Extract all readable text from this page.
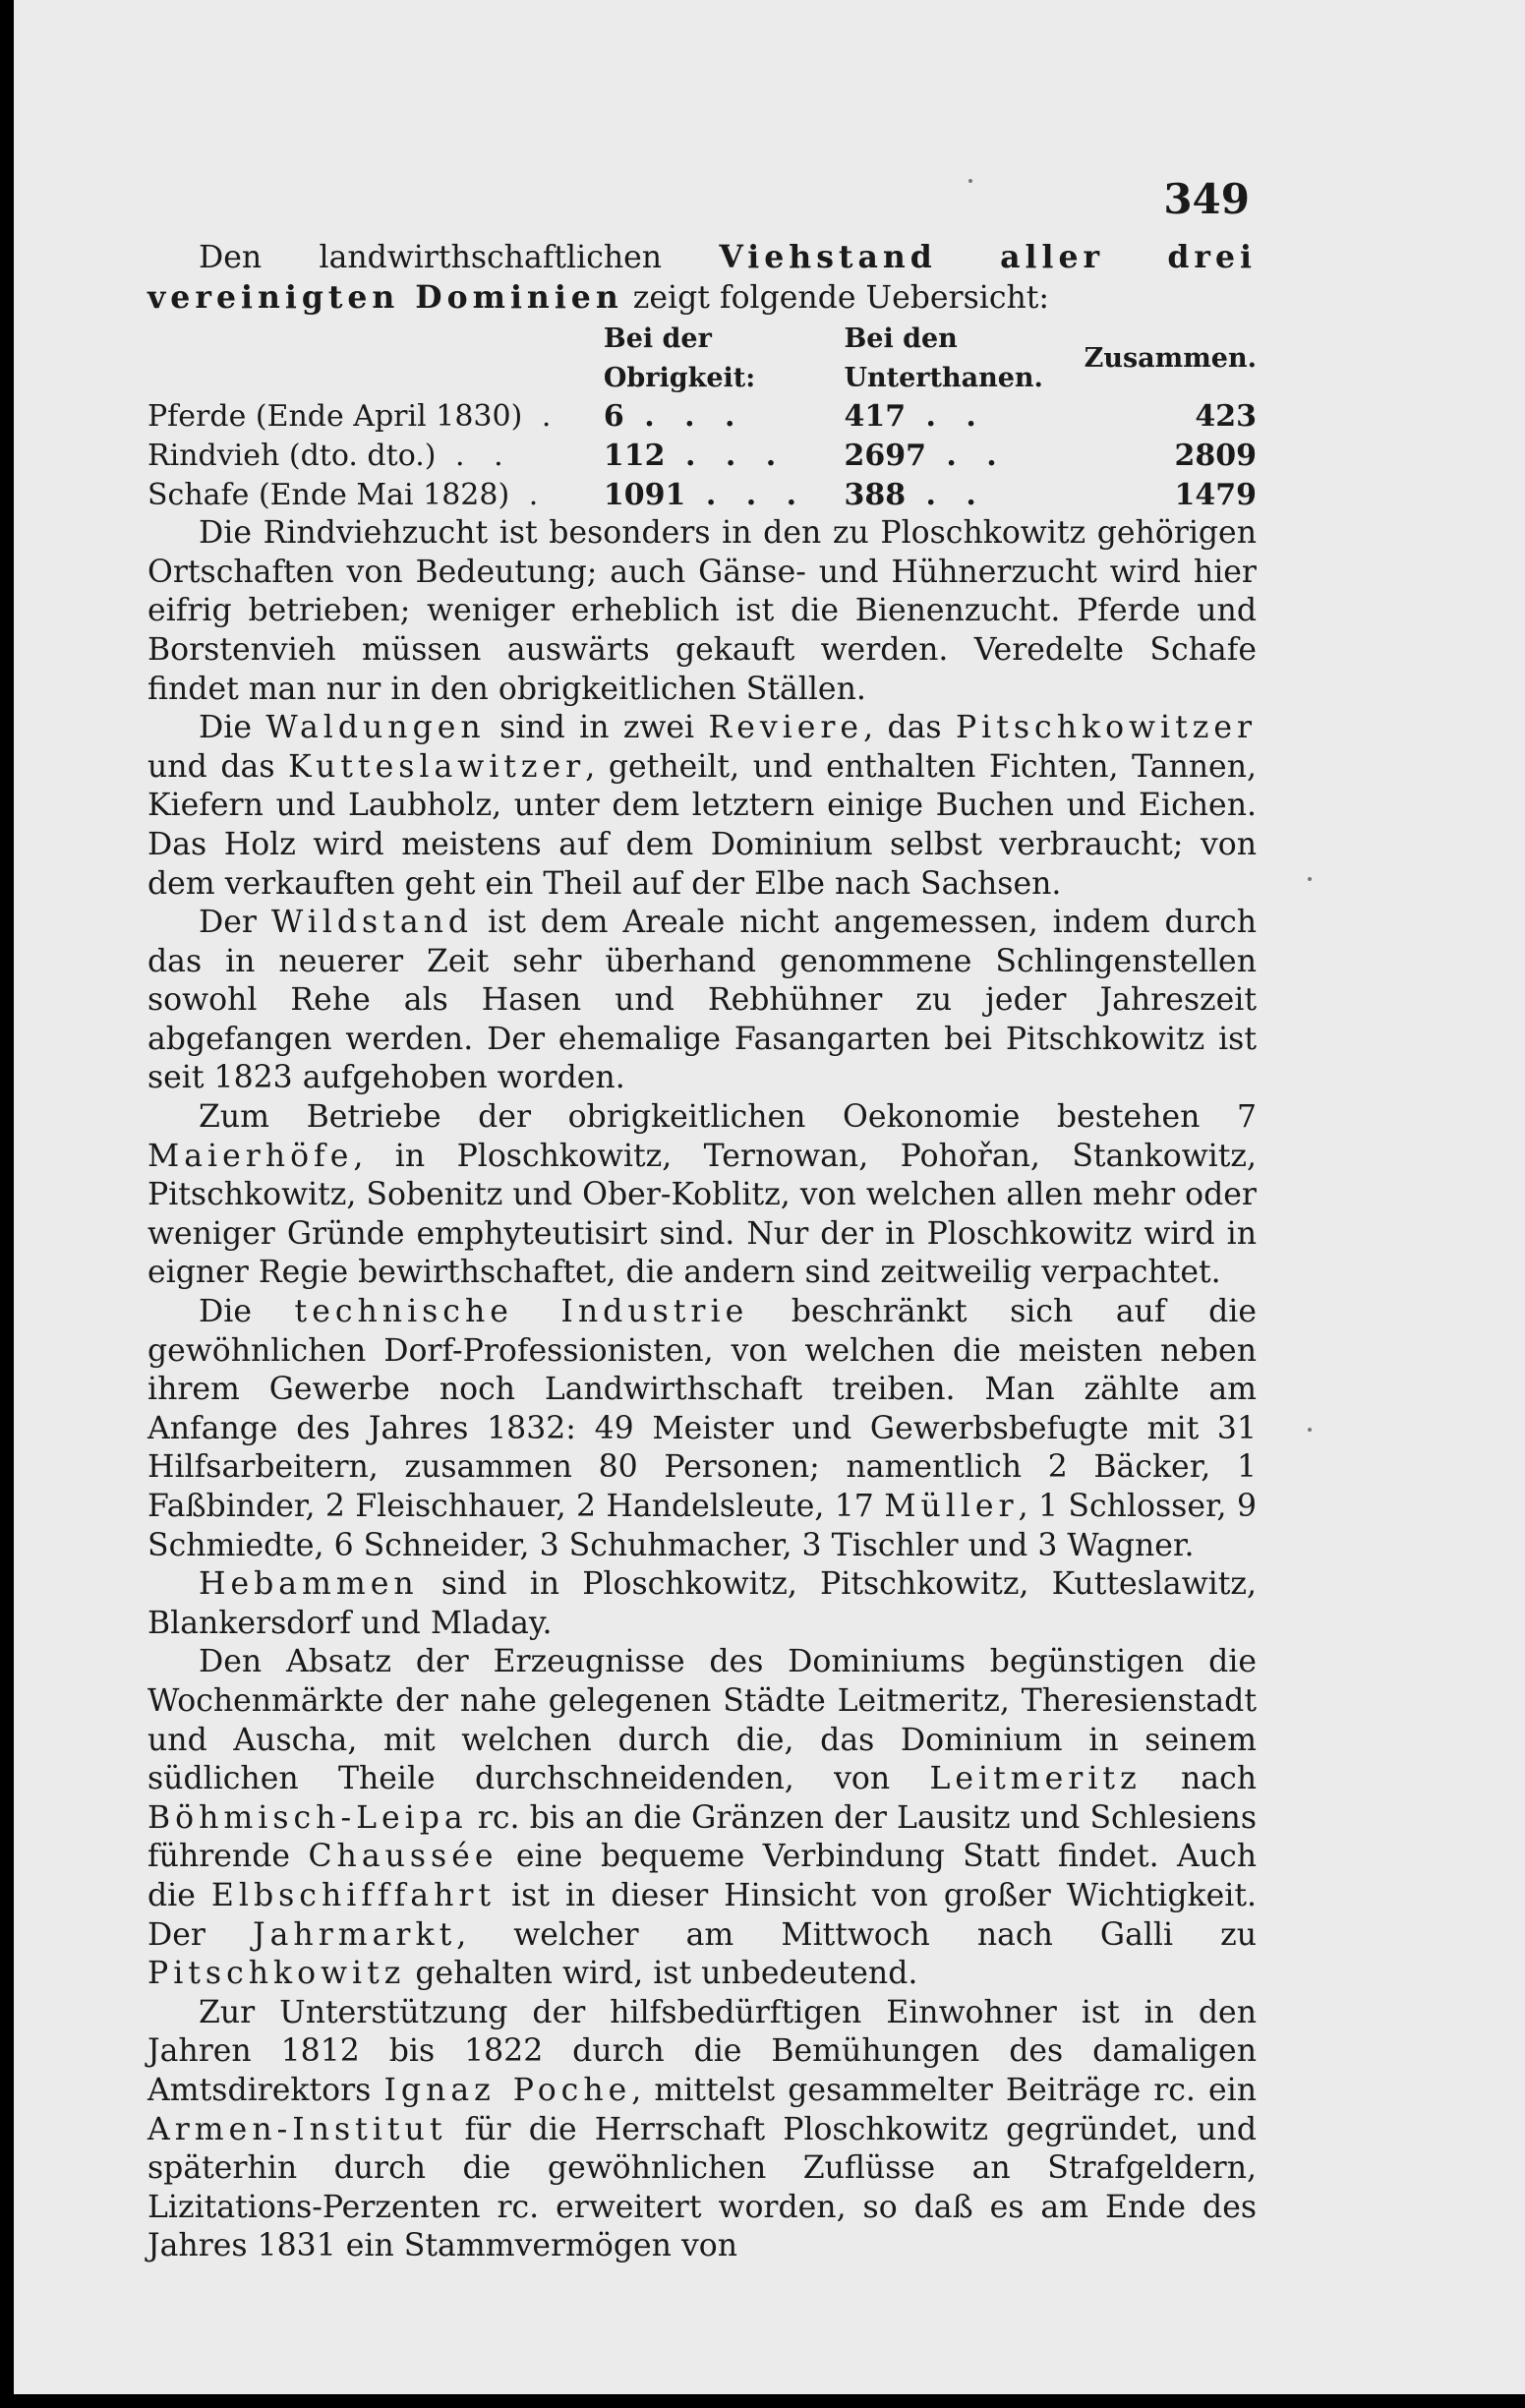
349

Den landwirthschaftlichen Viehstand aller drei vereinigten Dominien zeigt folgende Uebersicht:

	Bei der Obrigkeit:	Bei den Unterthanen.	Zusammen.
Pferde (Ende April 1830) .	6 . . .	417 . .	423
Rindvieh (dto. dto.) . .	112 . . .	2697 . .	2809
Schafe (Ende Mai 1828) .	1091 . . .	388 . .	1479

Die Rindviehzucht ist besonders in den zu Ploschkowitz gehörigen Ortschaften von Bedeutung; auch Gänse- und Hühnerzucht wird hier eifrig betrieben; weniger erheblich ist die Bienenzucht. Pferde und Borstenvieh müssen auswärts gekauft werden. Veredelte Schafe findet man nur in den obrigkeitlichen Ställen.

Die Waldungen sind in zwei Reviere, das Pitschkowitzer und das Kutteslawitzer, getheilt, und enthalten Fichten, Tannen, Kiefern und Laubholz, unter dem letztern einige Buchen und Eichen. Das Holz wird meistens auf dem Dominium selbst verbraucht; von dem verkauften geht ein Theil auf der Elbe nach Sachsen.

Der Wildstand ist dem Areale nicht angemessen, indem durch das in neuerer Zeit sehr überhand genommene Schlingenstellen sowohl Rehe als Hasen und Rebhühner zu jeder Jahreszeit abgefangen werden. Der ehemalige Fasangarten bei Pitschkowitz ist seit 1823 aufgehoben worden.

Zum Betriebe der obrigkeitlichen Oekonomie bestehen 7 Maierhöfe, in Ploschkowitz, Ternowan, Pohořan, Stankowitz, Pitschkowitz, Sobenitz und Ober-Koblitz, von welchen allen mehr oder weniger Gründe emphyteutisirt sind. Nur der in Ploschkowitz wird in eigner Regie bewirthschaftet, die andern sind zeitweilig verpachtet.

Die technische Industrie beschränkt sich auf die gewöhnlichen Dorf-Professionisten, von welchen die meisten neben ihrem Gewerbe noch Landwirthschaft treiben. Man zählte am Anfange des Jahres 1832: 49 Meister und Gewerbsbefugte mit 31 Hilfsarbeitern, zusammen 80 Personen; namentlich 2 Bäcker, 1 Faßbinder, 2 Fleischhauer, 2 Handelsleute, 17 Müller, 1 Schlosser, 9 Schmiedte, 6 Schneider, 3 Schuhmacher, 3 Tischler und 3 Wagner.

Hebammen sind in Ploschkowitz, Pitschkowitz, Kutteslawitz, Blankersdorf und Mladay.

Den Absatz der Erzeugnisse des Dominiums begünstigen die Wochenmärkte der nahe gelegenen Städte Leitmeritz, Theresienstadt und Auscha, mit welchen durch die, das Dominium in seinem südlichen Theile durchschneidenden, von Leitmeritz nach Böhmisch-Leipa rc. bis an die Gränzen der Lausitz und Schlesiens führende Chaussée eine bequeme Verbindung Statt findet. Auch die Elbschifffahrt ist in dieser Hinsicht von großer Wichtigkeit. Der Jahrmarkt, welcher am Mittwoch nach Galli zu Pitschkowitz gehalten wird, ist unbedeutend.

Zur Unterstützung der hilfsbedürftigen Einwohner ist in den Jahren 1812 bis 1822 durch die Bemühungen des damaligen Amtsdirektors Ignaz Poche, mittelst gesammelter Beiträge rc. ein Armen-Institut für die Herrschaft Ploschkowitz gegründet, und späterhin durch die gewöhnlichen Zuflüsse an Strafgeldern, Lizitations-Perzenten rc. erweitert worden, so daß es am Ende des Jahres 1831 ein Stammvermögen von
